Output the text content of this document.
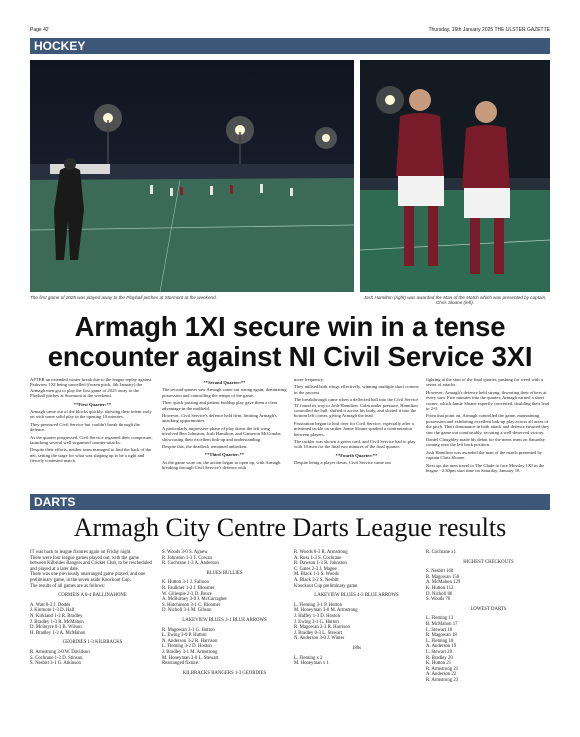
Page 42	Thursday, 16th January 2025 THE ULSTER GAZETTE
HOCKEY
The first game of 2025 was played away to the Playball pitches at Stormont at the weekend.	Josh Hamilton (right) was awarded the Man of the Match which was presented by captain, Chris Sloane (left).
Armagh 1XI secure win in a tense encounter against NI Civil Service 3XI

AFTER an extended winter break due to the league replay against Parkview 1XI being cancelled (frozen pitch, 4th January) the Armagh men got to play the first game of 2025 away to the Playball pitches at Stormont at the weekend.

**First Quarter:**

Armagh came out of the blocks quickly, showing their intent early on with some solid play in the opening 10 minutes.

They pressured Civil Service but couldn't break through the defence.

As the quarter progressed, Civil Service regained their composure, launching several well-organised counter-attacks.

Despite their efforts, neither team managed to find the back of the net, setting the stage for what was shaping up to be a tight and fiercely contested match.

**Second Quarter:**

The second quarter saw Armagh come out strong again, dominating possession and controlling the tempo of the game.

Their quick passing and patient buildup play gave them a clear advantage in the midfield.

However, Civil Service's defence held firm, limiting Armagh's attacking opportunities.

A particularly impressive phase of play down the left wing involved Ben Johnston, Josh Hamilton, and Cameron McCombe, showcasing their excellent link-up and understanding.

Despite this, the deadlock remained unbroken.

**Third Quarter:**

As the game wore on, the action began to open up, with Armagh breaking through Civil Service's defence with

more frequency.

They utilised both wings effectively, winning multiple short corners in the process.

The breakthrough came when a deflected ball into the Civil Service 'D' found its way to Josh Hamilton. Calm under pressure, Hamilton controlled the ball, shifted it across his body, and slotted it into the bottom left corner, giving Armagh the lead.

Frustration began to boil over for Civil Service, especially after a mistimed tackle on striker Jamie Sloane sparked a confrontation between players.

The tackler was shown a green card, and Civil Service had to play with 10 men for the final two minutes of the final quarter.

**Fourth Quarter:**

Despite being a player down, Civil Service came out

fighting at the start of the final quarter, pushing for weed with a series of attacks.

However, Armagh's defence held strong, thwarting their efforts at every turn. Five minutes into the quarter, Armagh earned a short corner, which Jamie Sloane expertly converted, doubling their lead to 2-0.

From that point on, Armagh controlled the game, maintaining possession and exhibiting excellent link-up play across all areas of the pitch. Their dominance in both attack and defence ensured they saw the game out comfortably, securing a well-deserved victory.

Daniel Cloughley made his debut for the mens team on Saturday coming onto the left back position.

Josh Hamilton was awarded the man of the match presented by captain Chris Sloane.

Next up, the men travel to The Glade to face Mossley 1XI in the league - 2.30pm start time on Saturday, January 18.

DARTS
Armagh City Centre Darts League results
IT was back to league fixtures again on Friday night.
There were four league games played out, with the game between Kilbrides Rangers and Cricket Club, to be rescheduled and played at a later date.
There was one previously unarranged game played, and one preliminary game, in the seven aside Knockout Cup.
The results of all games are as follows:
CORMEIS A 0-4 BALLINAHONE
A. Watt 0-3 J. Dodds
J. Kinmore 1-3 D. Hall
N. Kirkland 1-3 R. Bradley
J. Bradley 1-3 R. McMahon
D. McIntyre 0-3 B. Wilson
H. Bradley 1-3 A. McMahon
GEORDIES 1-3 KILBRACKS
R. Armstrong 3-0 W. Davidson
S. Cochrane 1-3 D. Stinson
S. Nesbitt 3-1 G. Atkinson
S. Woods 3-0 S. Agnew
R. Johnston 1-3 T. Cowan
R. Cochrane 1-3 A. Anderson
BLUES BULLIES
K. Hutton 3-1 J. Falloon
R. Faulkner 1-2 J. Bloomer
W. Gillespie 2-3 D. Bruce
A. McBurney 3-0 J. McCarragher
S. Hutchinson 3-1 C. Bloomer
D. Nicholl 3-1 M. Gibson
LAKEVIEW BLUES 3-1 BLUE ARROWS
R. Magowan 3-1 G. Hutton
L. Ewing 3-0 P. Hutton
N. Anderson 3-2 R. Harrison
L. Fleming 3-2 D. Hoston
J. Bradley 3-1 M. Armstrong
M. Honeyman 3-0 L. Stewart
Rearranged fixture.
KILBRACKS RANGERS 1-3 GEORDIES
R. Woods 0-3 R. Armstrong
A. Ross 1-3 S. Cochrane
R. Dawson 1-3 R. Johnston
C. Gates 2-3 J. Magee
M. Black 1-3 S. Woods
A. Black 3-2 S. Nesbitt
Knockout Cup preliminary game.
LAKEVIEW BLUES 4-3 BLUE ARROWS
L. Fleming 3-1 P. Hutton
M. Honeyman 3-0 M. Armstrong
J. Haffey 1-3 D. Hoston
J. Ewing 3-1 G. Hutton
R. Magowan 2-3 R. Harrison
J. Bradley 0-3 L. Stewart
N. Anderson 3-0 J. Winter
180s
L. Fleming x 2
M. Honeyman x 1
R. Cochrane x1
HIGHEST CHECKOUTS
S. Nesbitt 160
R. Magowan 150
A. McMahon 129
K. Hutton 112
D. Nicholl 86
S. Woods 76
LOWEST DARTS
L. Fleming 13
B. McMahon 17
L. Stewart 18
R. Magowan 18
L. Fleming 18
A. Anderson 19
L. Stewart 20
R. Bradley 20
K. Hutton 21
R. Armstrong 21
A. Anderson 22
R. Armstrong 23
